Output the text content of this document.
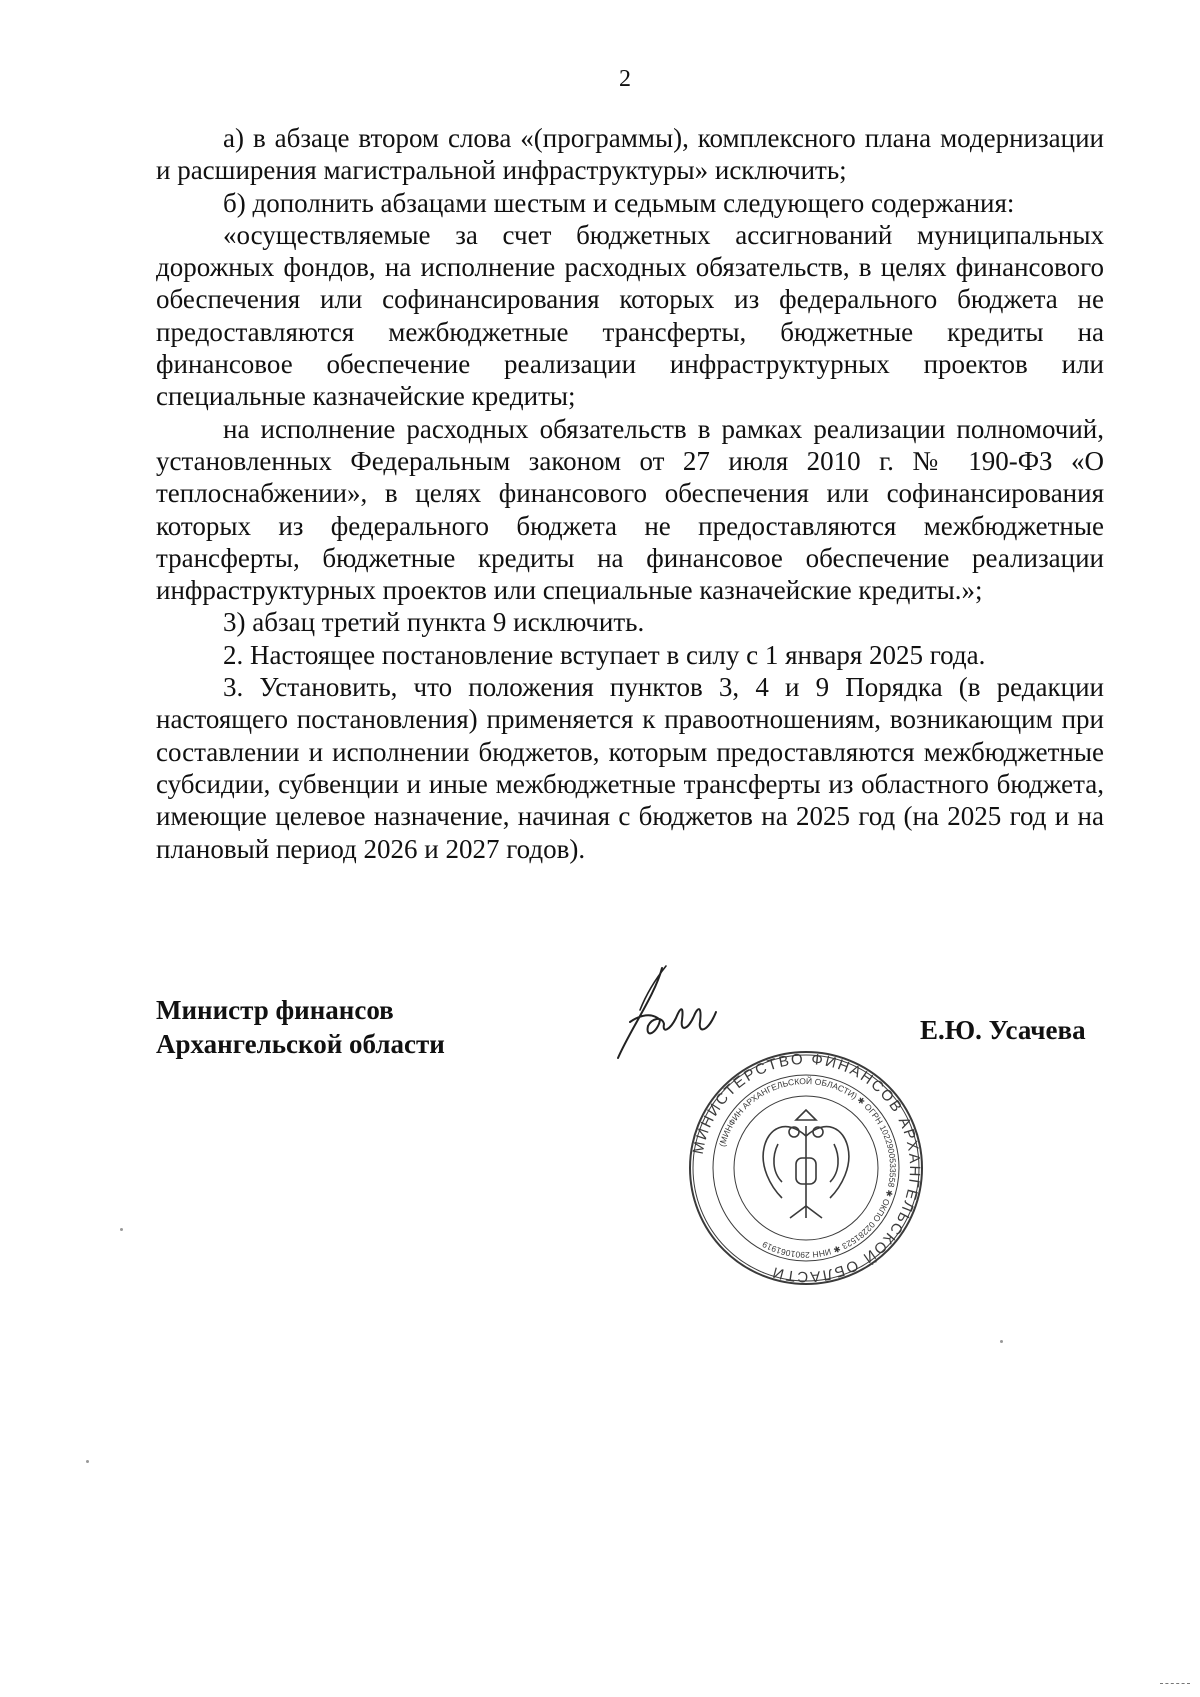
2

а) в абзаце втором слова «(программы), комплексного плана модернизации и расширения магистральной инфраструктуры» исключить;

б) дополнить абзацами шестым и седьмым следующего содержания:

«осуществляемые за счет бюджетных ассигнований муниципальных дорожных фондов, на исполнение расходных обязательств, в целях финансового обеспечения или софинансирования которых из федерального бюджета не предоставляются межбюджетные трансферты, бюджетные кредиты на финансовое обеспечение реализации инфраструктурных проектов или специальные казначейские кредиты;

на исполнение расходных обязательств в рамках реализации полномочий, установленных Федеральным законом от 27 июля 2010 г. № 190-ФЗ «О теплоснабжении», в целях финансового обеспечения или софинансирования которых из федерального бюджета не предоставляются межбюджетные трансферты, бюджетные кредиты на финансовое обеспечение реализации инфраструктурных проектов или специальные казначейские кредиты.»;

3) абзац третий пункта 9 исключить.

2. Настоящее постановление вступает в силу с 1 января 2025 года.

3. Установить, что положения пунктов 3, 4 и 9 Порядка (в редакции настоящего постановления) применяется к правоотношениям, возникающим при составлении и исполнении бюджетов, которым предоставляются межбюджетные субсидии, субвенции и иные межбюджетные трансферты из областного бюджета, имеющие целевое назначение, начиная с бюджетов на 2025 год (на 2025 год и на плановый период 2026 и 2027 годов).

Министр финансов
Архангельской области	Е.Ю. Усачева
МИНИСТЕРСТВО ФИНАНСОВ АРХАНГЕЛЬСКОЙ ОБЛАСТИ
(МИНФИН АРХАНГЕЛЬСКОЙ ОБЛАСТИ) ✱ ОГРН 1022900533558 ✱ ОКПО 02281523 ✱ ИНН 2901061919
